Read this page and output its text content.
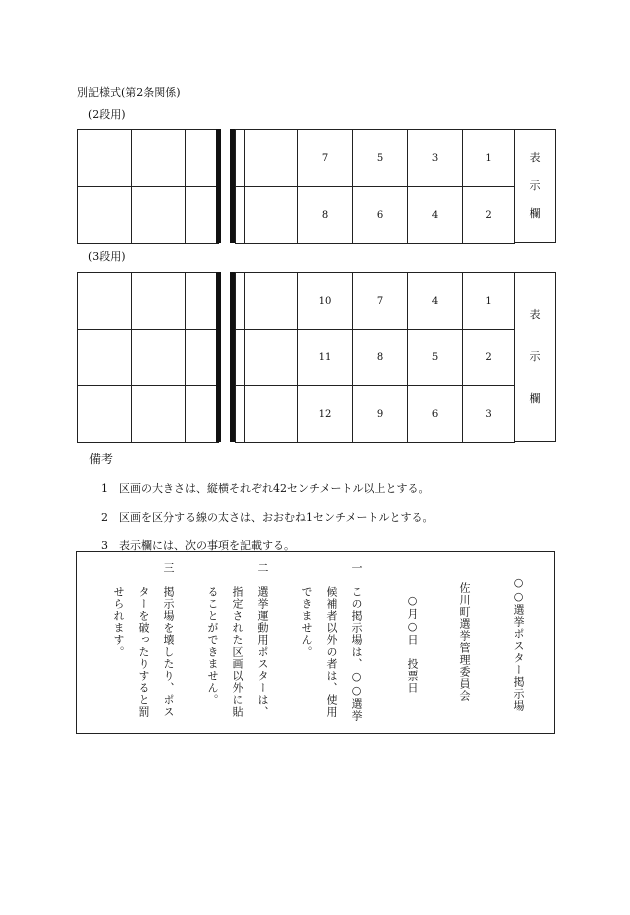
別記様式(第2条関係)
(2段用)

		7	5	3	1
		8	6	4	2
表
示
欄
(3段用)

		10	7	4	1
		11	8	5	2
		12	9	6	3
表
示
欄
備考
1　区画の大きさは、縦横それぞれ42センチメートル以上とする。
2　区画を区分する線の太さは、おおむね1センチメートルとする。
3　表示欄には、次の事項を記載する。
○○選挙ポスター掲示場
佐川町選挙管理委員会
○月○日　投票日
一
この掲示場は、○○選挙
候補者以外の者は、使用
できません。
二
選挙運動用ポスターは、
指定された区画以外に貼
ることができません。
三
掲示場を壊したり、ポス
ターを破ったりすると罰
せられます。
